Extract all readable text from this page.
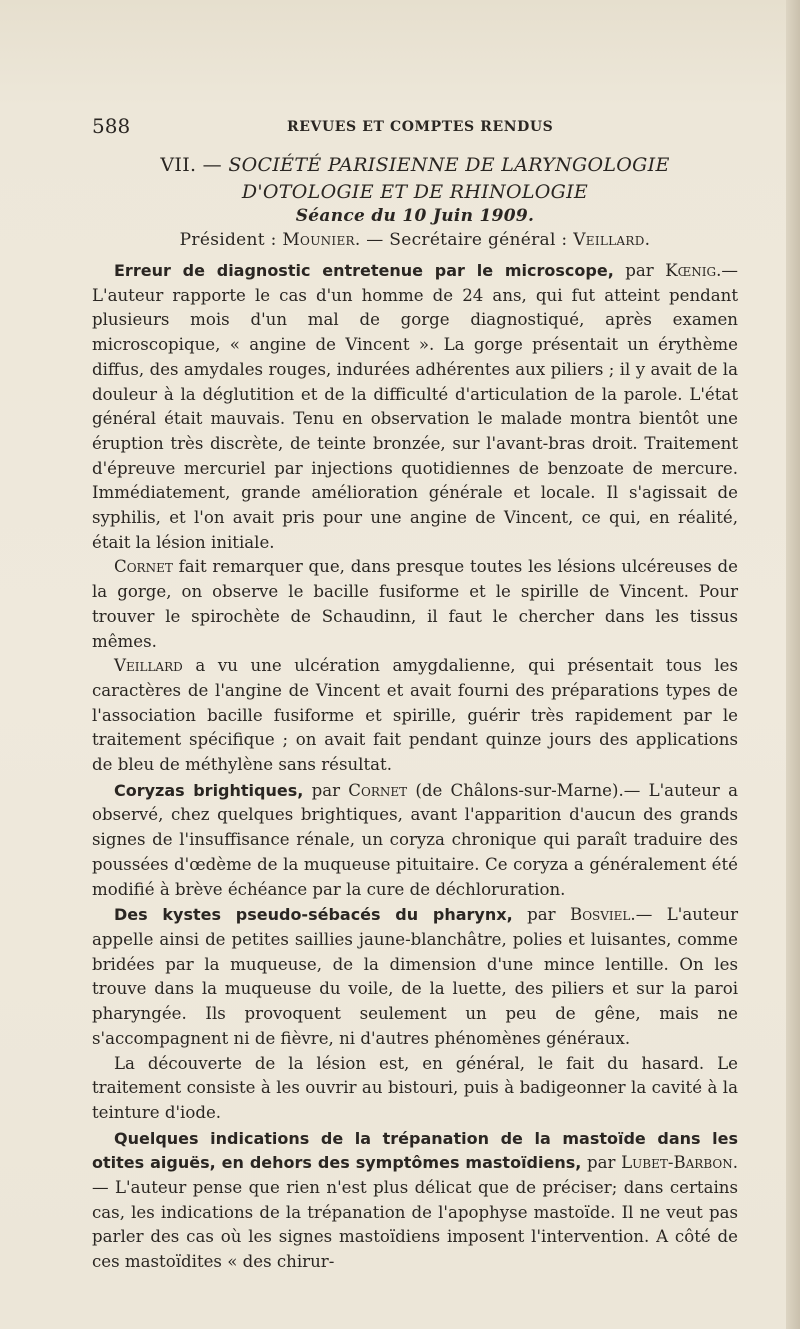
588	REVUES ET COMPTES RENDUS
VII. — SOCIÉTÉ PARISIENNE DE LARYNGOLOGIE
D'OTOLOGIE ET DE RHINOLOGIE
Séance du 10 Juin 1909.
Président : Mounier. — Secrétaire général : Veillard.

Erreur de diagnostic entretenue par le microscope, par Kœnig.— L'auteur rapporte le cas d'un homme de 24 ans, qui fut atteint pendant plusieurs mois d'un mal de gorge diagnostiqué, après examen microscopique, « angine de Vincent ». La gorge présentait un érythème diffus, des amydales rouges, indurées adhérentes aux piliers ; il y avait de la douleur à la déglutition et de la difficulté d'articulation de la parole. L'état général était mauvais. Tenu en observation le malade montra bientôt une éruption très discrète, de teinte bronzée, sur l'avant-bras droit. Traitement d'épreuve mercuriel par injections quotidiennes de benzoate de mercure. Immédiatement, grande amélioration générale et locale. Il s'agissait de syphilis, et l'on avait pris pour une angine de Vincent, ce qui, en réalité, était la lésion initiale.

Cornet fait remarquer que, dans presque toutes les lésions ulcéreuses de la gorge, on observe le bacille fusiforme et le spirille de Vincent. Pour trouver le spirochète de Schaudinn, il faut le chercher dans les tissus mêmes.

Veillard a vu une ulcération amygdalienne, qui présentait tous les caractères de l'angine de Vincent et avait fourni des préparations types de l'association bacille fusiforme et spirille, guérir très rapidement par le traitement spécifique ; on avait fait pendant quinze jours des applications de bleu de méthylène sans résultat.

Coryzas brightiques, par Cornet (de Châlons-sur-Marne).— L'auteur a observé, chez quelques brightiques, avant l'apparition d'aucun des grands signes de l'insuffisance rénale, un coryza chronique qui paraît traduire des poussées d'œdème de la muqueuse pituitaire. Ce coryza a généralement été modifié à brève échéance par la cure de déchloruration.

Des kystes pseudo-sébacés du pharynx, par Bosviel.— L'auteur appelle ainsi de petites saillies jaune-blanchâtre, polies et luisantes, comme bridées par la muqueuse, de la dimension d'une mince lentille. On les trouve dans la muqueuse du voile, de la luette, des piliers et sur la paroi pharyngée. Ils provoquent seulement un peu de gêne, mais ne s'accompagnent ni de fièvre, ni d'autres phénomènes généraux.

La découverte de la lésion est, en général, le fait du hasard. Le traitement consiste à les ouvrir au bistouri, puis à badigeonner la cavité à la teinture d'iode.

Quelques indications de la trépanation de la mastoïde dans les otites aiguës, en dehors des symptômes mastoïdiens, par Lubet-Barbon.— L'auteur pense que rien n'est plus délicat que de préciser; dans certains cas, les indications de la trépanation de l'apophyse mastoïde. Il ne veut pas parler des cas où les signes mastoïdiens imposent l'intervention. A côté de ces mastoïdites « des chirur-
